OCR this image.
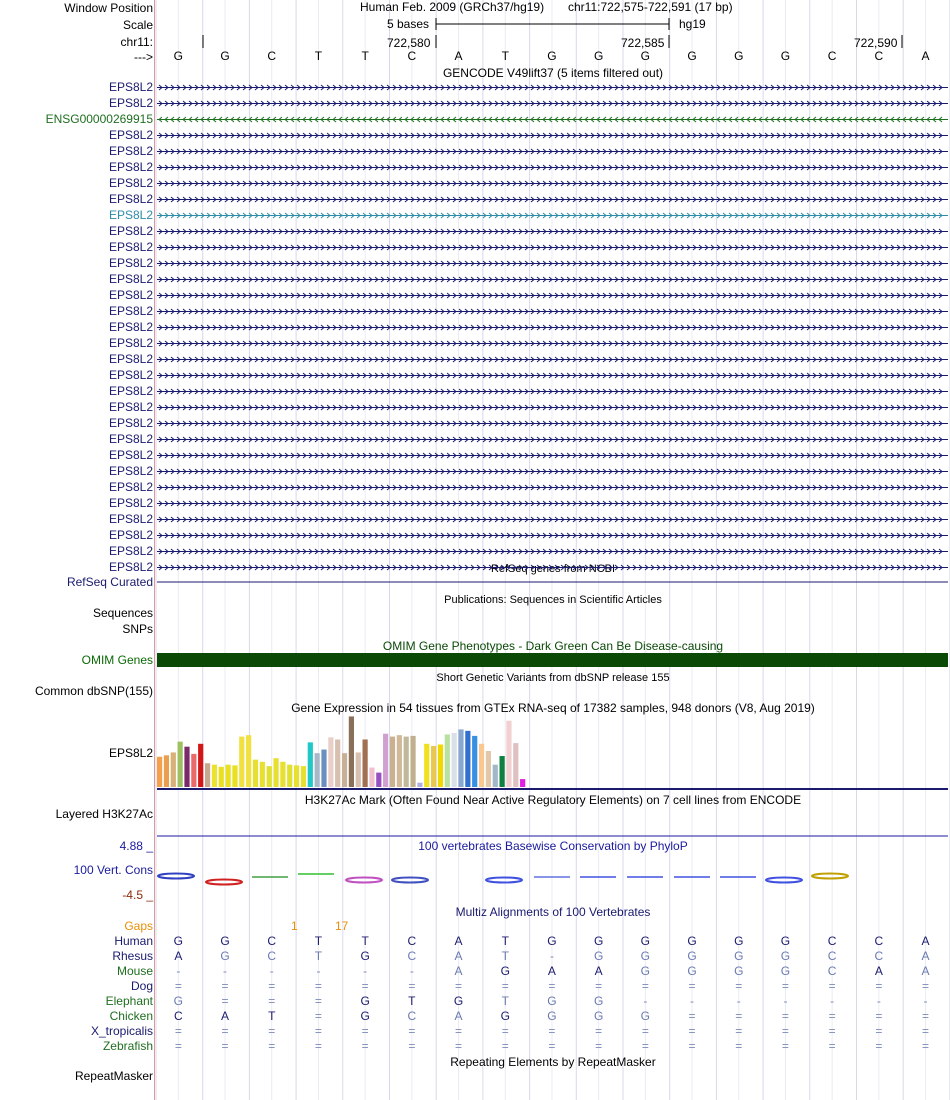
Window Position
Scale
chr11:
--->
Human Feb. 2009 (GRCh37/hg19) chr11:722,575-722,591 (17 bp)
5 bases	hg19
722,580	722,585	722,590
G	G	C	T	T	C	A	T	G	G	G	G	G	G	C	C	A
GENCODE V49lift37 (5 items filtered out)
EPS8L2
EPS8L2
ENSG00000269915
EPS8L2
EPS8L2
EPS8L2
EPS8L2
EPS8L2
EPS8L2
EPS8L2
EPS8L2
EPS8L2
EPS8L2
EPS8L2
EPS8L2
EPS8L2
EPS8L2
EPS8L2
EPS8L2
EPS8L2
EPS8L2
EPS8L2
EPS8L2
EPS8L2
EPS8L2
EPS8L2
EPS8L2
EPS8L2
EPS8L2
EPS8L2
EPS8L2	RefSeq genes from NCBI
RefSeq Curated
Publications: Sequences in Scientific Articles
Sequences
SNPs
OMIM Gene Phenotypes - Dark Green Can Be Disease-causing
OMIM Genes
Short Genetic Variants from dbSNP release 155
Common dbSNP(155)
Gene Expression in 54 tissues from GTEx RNA-seq of 17382 samples, 948 donors (V8, Aug 2019)
EPS8L2
H3K27Ac Mark (Often Found Near Active Regulatory Elements) on 7 cell lines from ENCODE
Layered H3K27Ac
100 vertebrates Basewise Conservation by PhyloP
4.88 _
100 Vert. Cons
-4.5 _
Multiz Alignments of 100 Vertebrates
Gaps	1	17
Human	G	G	C	T	T	C	A	T	G	G	G	G	G	G	C	C	A
Rhesus	A	G	C	T	G	C	A	T	-	G	G	G	G	G	C	C	A
Mouse	-	-	-	-	-	-	A	G	A	A	G	G	G	G	C	A	A
Dog	=	=	=	=	=	=	=	=	=	=	=	=	=	=	=	=	=
Elephant	G	=	=	=	G	T	G	T	G	G	-	-	-	-	-	-	-
Chicken	C	A	T	=	G	C	A	G	G	G	G	=	=	=	=	=	=
X_tropicalis	=	=	=	=	=	=	=	=	=	=	=	=	=	=	=	=	=
Zebrafish	=	=	=	=	=	=	=	=	=	=	=	=	=	=	=	=	=
Repeating Elements by RepeatMasker
RepeatMasker
